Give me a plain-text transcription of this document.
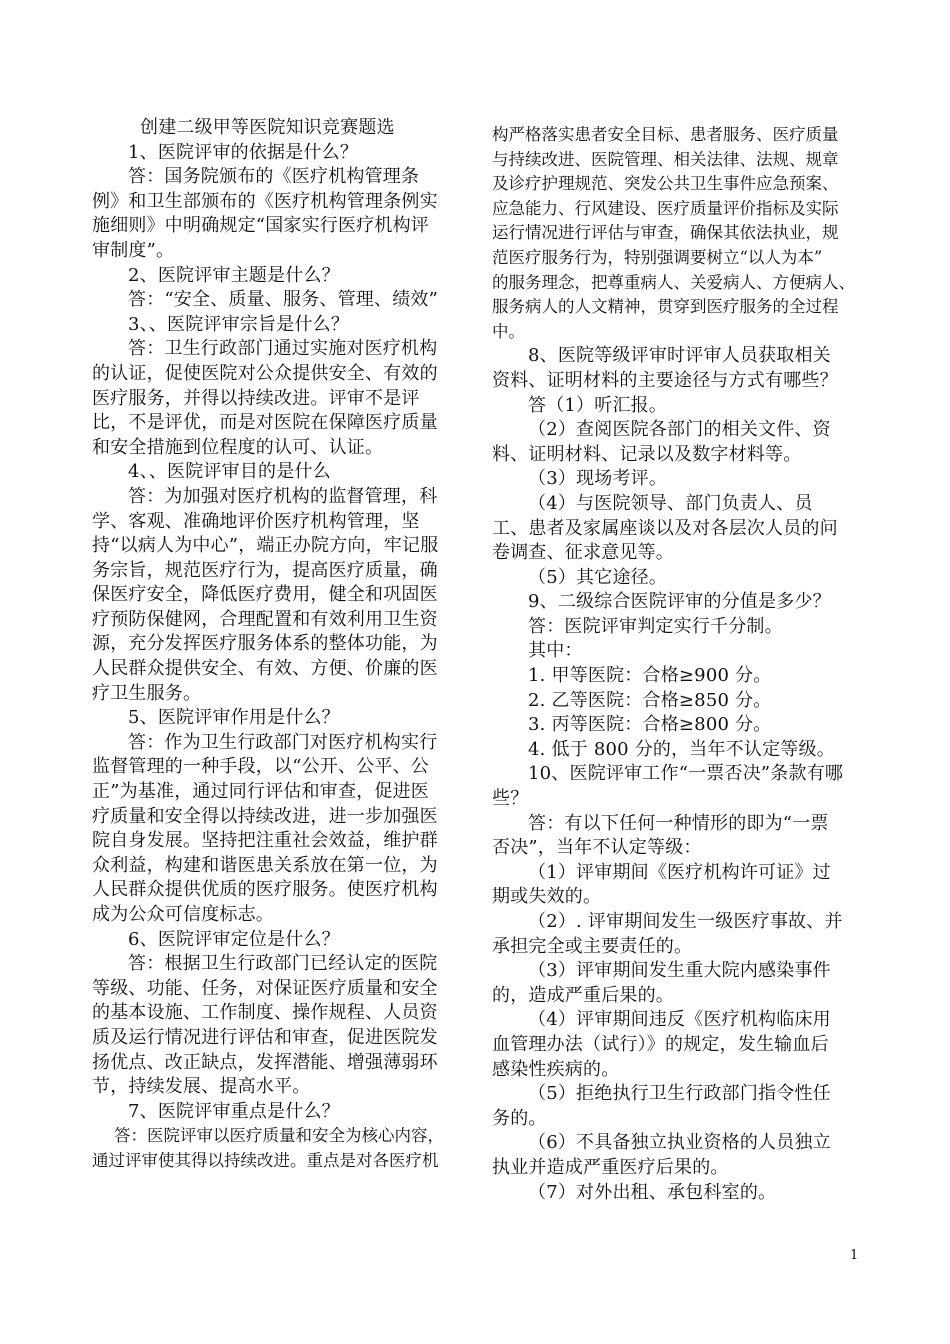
创建二级甲等医院知识竞赛题选

1、医院评审的依据是什么？

答：国务院颁布的《医疗机构管理条

例》和卫生部颁布的《医疗机构管理条例实

施细则》中明确规定“国家实行医疗机构评

审制度”。

2、医院评审主题是什么？

答：“安全、质量、服务、管理、绩效”

3、、医院评审宗旨是什么？

答：卫生行政部门通过实施对医疗机构

的认证，促使医院对公众提供安全、有效的

医疗服务，并得以持续改进。评审不是评

比，不是评优，而是对医院在保障医疗质量

和安全措施到位程度的认可、认证。

4、、医院评审目的是什么

答：为加强对医疗机构的监督管理，科

学、客观、准确地评价医疗机构管理，坚

持“以病人为中心”，端正办院方向，牢记服

务宗旨，规范医疗行为，提高医疗质量，确

保医疗安全，降低医疗费用，健全和巩固医

疗预防保健网，合理配置和有效利用卫生资

源，充分发挥医疗服务体系的整体功能，为

人民群众提供安全、有效、方便、价廉的医

疗卫生服务。

5、医院评审作用是什么？

答：作为卫生行政部门对医疗机构实行

监督管理的一种手段，以“公开、公平、公

正”为基准，通过同行评估和审查，促进医

疗质量和安全得以持续改进，进一步加强医

院自身发展。坚持把注重社会效益，维护群

众利益，构建和谐医患关系放在第一位，为

人民群众提供优质的医疗服务。使医疗机构

成为公众可信度标志。

6、医院评审定位是什么？

答：根据卫生行政部门已经认定的医院

等级、功能、任务，对保证医疗质量和安全

的基本设施、工作制度、操作规程、人员资

质及运行情况进行评估和审查，促进医院发

扬优点、改正缺点，发挥潜能、增强薄弱环

节，持续发展、提高水平。

7、医院评审重点是什么？

答：医院评审以医疗质量和安全为核心内容，

通过评审使其得以持续改进。重点是对各医疗机

构严格落实患者安全目标、患者服务、医疗质量

与持续改进、医院管理、相关法律、法规、规章

及诊疗护理规范、突发公共卫生事件应急预案、

应急能力、行风建设、医疗质量评价指标及实际

运行情况进行评估与审查，确保其依法执业，规

范医疗服务行为，特别强调要树立“以人为本”

的服务理念，把尊重病人、关爱病人、方便病人、

服务病人的人文精神，贯穿到医疗服务的全过程

中。

8、医院等级评审时评审人员获取相关

资料、证明材料的主要途径与方式有哪些？

答（1）听汇报。

（2）查阅医院各部门的相关文件、资

料、证明材料、记录以及数字材料等。

（3）现场考评。

（4）与医院领导、部门负责人、员

工、患者及家属座谈以及对各层次人员的问

卷调查、征求意见等。

（5）其它途径。

9、二级综合医院评审的分值是多少？

答：医院评审判定实行千分制。

其中：

1. 甲等医院：合格≥900 分。

2. 乙等医院：合格≥850 分。

3. 丙等医院：合格≥800 分。

4. 低于 800 分的，当年不认定等级。

10、医院评审工作“一票否决”条款有哪

些？

答：有以下任何一种情形的即为“一票

否决”，当年不认定等级：

（1）评审期间《医疗机构许可证》过

期或失效的。

（2）. 评审期间发生一级医疗事故、并

承担完全或主要责任的。

（3）评审期间发生重大院内感染事件

的，造成严重后果的。

（4）评审期间违反《医疗机构临床用

血管理办法（试行）》的规定，发生输血后

感染性疾病的。

（5）拒绝执行卫生行政部门指令性任

务的。

（6）不具备独立执业资格的人员独立

执业并造成严重医疗后果的。

（7）对外出租、承包科室的。

1
